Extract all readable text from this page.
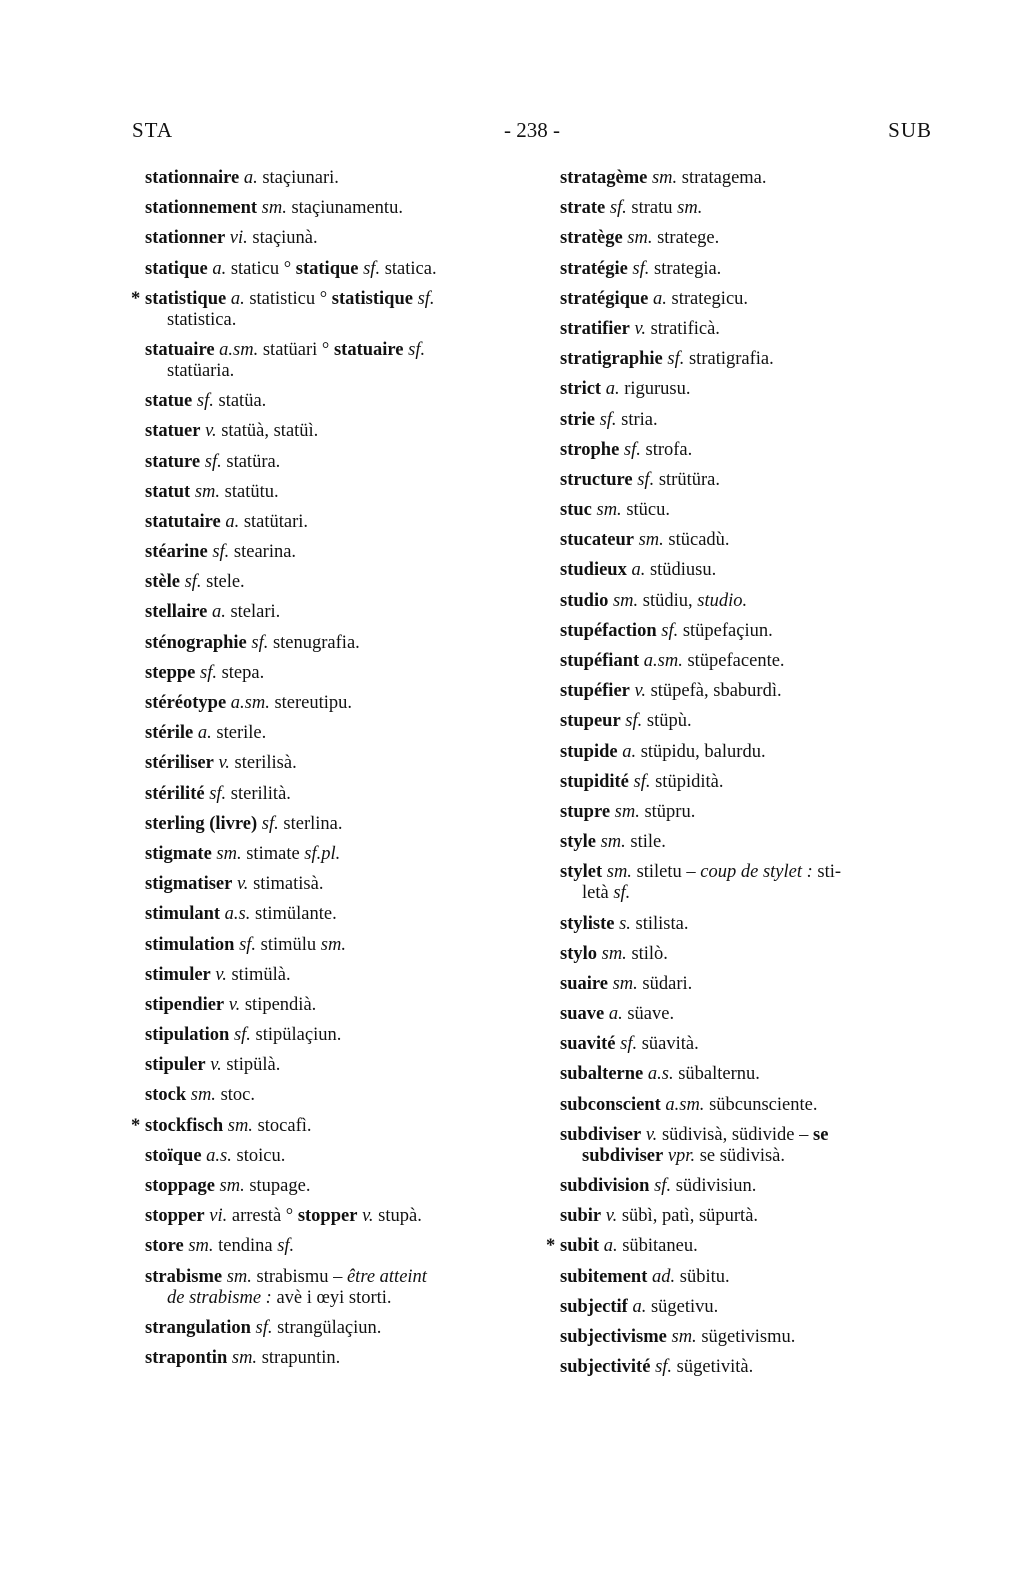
STA	- 238 -	SUB
stationnaire a. staçiunari.
stationnement sm. staçiunamentu.
stationner vi. staçiunà.
statique a. staticu ° statique sf. statica.
* statistique a. statisticu ° statistique sf.
statistica.
statuaire a.sm. statüari ° statuaire sf.
statüaria.
statue sf. statüa.
statuer v. statüà, statüì.
stature sf. statüra.
statut sm. statütu.
statutaire a. statütari.
stéarine sf. stearina.
stèle sf. stele.
stellaire a. stelari.
sténographie sf. stenugrafia.
steppe sf. stepa.
stéréotype a.sm. stereutipu.
stérile a. sterile.
stériliser v. sterilisà.
stérilité sf. sterilità.
sterling (livre) sf. sterlina.
stigmate sm. stimate sf.pl.
stigmatiser v. stimatisà.
stimulant a.s. stimülante.
stimulation sf. stimülu sm.
stimuler v. stimülà.
stipendier v. stipendià.
stipulation sf. stipülaçiun.
stipuler v. stipülà.
stock sm. stoc.
* stockfisch sm. stocafì.
stoïque a.s. stoicu.
stoppage sm. stupage.
stopper vi. arrestà ° stopper v. stupà.
store sm. tendina sf.
strabisme sm. strabismu – être atteint
de strabisme : avè i œyi storti.
strangulation sf. strangülaçiun.
strapontin sm. strapuntin.
stratagème sm. stratagema.
strate sf. stratu sm.
stratège sm. stratege.
stratégie sf. strategia.
stratégique a. strategicu.
stratifier v. stratificà.
stratigraphie sf. stratigrafia.
strict a. rigurusu.
strie sf. stria.
strophe sf. strofa.
structure sf. strütüra.
stuc sm. stücu.
stucateur sm. stücadù.
studieux a. stüdiusu.
studio sm. stüdiu, studio.
stupéfaction sf. stüpefaçiun.
stupéfiant a.sm. stüpefacente.
stupéfier v. stüpefà, sbaburdì.
stupeur sf. stüpù.
stupide a. stüpidu, balurdu.
stupidité sf. stüpidità.
stupre sm. stüpru.
style sm. stile.
stylet sm. stiletu – coup de stylet : sti-
letà sf.
styliste s. stilista.
stylo sm. stilò.
suaire sm. südari.
suave a. süave.
suavité sf. süavità.
subalterne a.s. sübalternu.
subconscient a.sm. sübcunsciente.
subdiviser v. südivisà, südivide – se
subdiviser vpr. se südivisà.
subdivision sf. südivisiun.
subir v. sübì, patì, süpurtà.
* subit a. sübitaneu.
subitement ad. sübitu.
subjectif a. sügetivu.
subjectivisme sm. sügetivismu.
subjectivité sf. sügetività.
